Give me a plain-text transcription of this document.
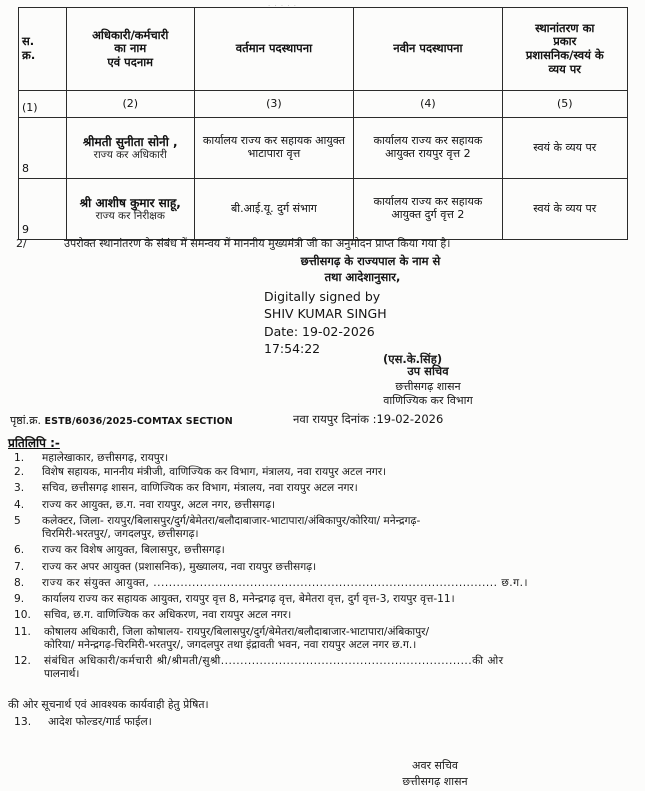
· · · · ·
स.
क्र.	अधिकारी/कर्मचारी
का नाम
एवं पदनाम	वर्तमान पदस्थापना	नवीन पदस्थापना	स्थानांतरण का
प्रकार
प्रशासनिक/स्वयं के
व्यय पर
(1)	(2)	(3)	(4)	(5)
8	श्रीमती सुनीता सोनी ,
राज्य कर अधिकारी	कार्यालय राज्य कर सहायक आयुक्त भाटापारा वृत्त	कार्यालय राज्य कर सहायक आयुक्त रायपुर वृत्त 2	स्वयं के व्यय पर
9	श्री आशीष कुमार साहू,
राज्य कर निरीक्षक	बी.आई.यू. दुर्ग संभाग	कार्यालय राज्य कर सहायक आयुक्त दुर्ग वृत्त 2	स्वयं के व्यय पर
2/	उपरोक्त स्थानांतरण के संबंध में समन्वय में माननीय मुख्यमंत्री जी का अनुमोदन प्राप्त किया गया है।
छत्तीसगढ़ के राज्यपाल के नाम से
तथा आदेशानुसार,
Digitally signed by
SHIV KUMAR SINGH
Date: 19-02-2026
17:54:22
(एस.के.सिंह)
उप सचिव
छत्तीसगढ़ शासन
वाणिज्यिक कर विभाग
पृष्ठां.क्र. ESTB/6036/2025-COMTAX SECTION	नवा रायपुर दिनांक :19-02-2026
प्रतिलिपि :-
1.	महालेखाकार, छत्तीसगढ़, रायपुर।
2.	विशेष सहायक, माननीय मंत्रीजी, वाणिज्यिक कर विभाग, मंत्रालय, नवा रायपुर अटल नगर।
3.	सचिव, छत्तीसगढ़ शासन, वाणिज्यिक कर विभाग, मंत्रालय, नवा रायपुर अटल नगर।
4.	राज्य कर आयुक्त, छ.ग. नवा रायपुर, अटल नगर, छत्तीसगढ़।
5	कलेक्टर, जिला- रायपुर/बिलासपुर/दुर्ग/बेमेतरा/बलौदाबाजार-भाटापारा/अंबिकापुर/कोरिया/ मनेन्द्रगढ़-
चिरमिरी-भरतपुर/, जगदलपुर, छत्तीसगढ़।
6.	राज्य कर विशेष आयुक्त, बिलासपुर, छत्तीसगढ़।
7.	राज्य कर अपर आयुक्त (प्रशासनिक), मुख्यालय, नवा रायपुर छत्तीसगढ़।
8.	राज्य कर संयुक्त आयुक्त, ......................................................................................... छ.ग.।
9.	कार्यालय राज्य कर सहायक आयुक्त, रायपुर वृत्त 8, मनेन्द्रगढ़ वृत्त, बेमेतरा वृत्त, दुर्ग वृत्त-3, रायपुर वृत्त-11।
10.	सचिव, छ.ग. वाणिज्यिक कर अधिकरण, नवा रायपुर अटल नगर।
11.	कोषालय अधिकारी, जिला कोषालय- रायपुर/बिलासपुर/दुर्ग/बेमेतरा/बलौदाबाजार-भाटापारा/अंबिकापुर/
कोरिया/ मनेन्द्रगढ़-चिरमिरी-भरतपुर/, जगदलपुर तथा इंद्रावती भवन, नवा रायपुर अटल नगर छ.ग.।
12.	संबंधित अधिकारी/कर्मचारी श्री/श्रीमती/सुश्री.................................................................की ओर
पालनार्थ।
की ओर सूचनार्थ एवं आवश्यक कार्यवाही हेतु प्रेषित।
13. आदेश फोल्डर/गार्ड फाईल।
अवर सचिव
छत्तीसगढ़ शासन
